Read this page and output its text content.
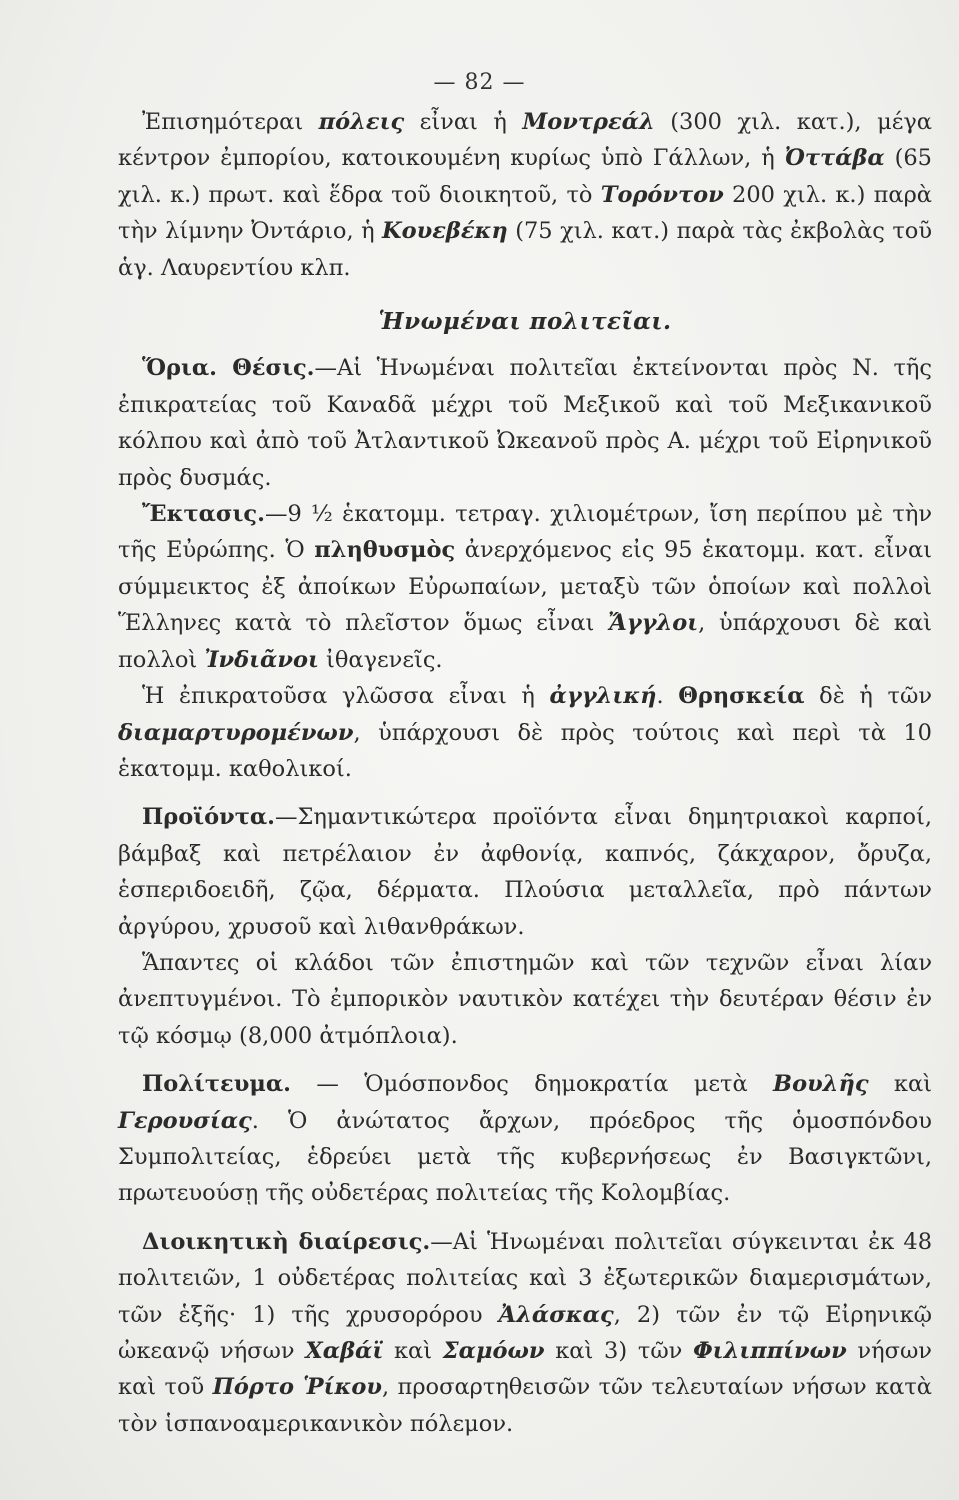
— 82 —

Ἐπισημότεραι πόλεις εἶναι ἡ Μοντρεάλ (300 χιλ. κατ.), μέγα κέντρον ἐμπορίου, κατοικουμένη κυρίως ὑπὸ Γάλλων, ἡ Ὀττάβα (65 χιλ. κ.) πρωτ. καὶ ἕδρα τοῦ διοικητοῦ, τὸ Τορόντον 200 χιλ. κ.) παρὰ τὴν λίμνην Ὀντάριο, ἡ Κουεβέκη (75 χιλ. κατ.) παρὰ τὰς ἐκβολὰς τοῦ ἁγ. Λαυρεντίου κλπ.

Ἡνωμέναι πολιτεῖαι.

Ὅρια. Θέσις.—Αἱ Ἡνωμέναι πολιτεῖαι ἐκτείνονται πρὸς Ν. τῆς ἐπικρατείας τοῦ Καναδᾶ μέχρι τοῦ Μεξικοῦ καὶ τοῦ Μεξικανικοῦ κόλπου καὶ ἀπὸ τοῦ Ἀτλαντικοῦ Ὠκεανοῦ πρὸς Α. μέχρι τοῦ Εἰρηνικοῦ πρὸς δυσμάς.

Ἔκτασις.—9 ½ ἑκατομμ. τετραγ. χιλιομέτρων, ἴση περίπου μὲ τὴν τῆς Εὐρώπης. Ὁ πληθυσμὸς ἀνερχόμενος εἰς 95 ἑκατομμ. κατ. εἶναι σύμμεικτος ἐξ ἀποίκων Εὐρωπαίων, μεταξὺ τῶν ὁποίων καὶ πολλοὶ Ἕλληνες κατὰ τὸ πλεῖστον ὅμως εἶναι Ἄγγλοι, ὑπάρχουσι δὲ καὶ πολλοὶ Ἰνδιᾶνοι ἰθαγενεῖς.

Ἡ ἐπικρατοῦσα γλῶσσα εἶναι ἡ ἀγγλική. Θρησκεία δὲ ἡ τῶν διαμαρτυρομένων, ὑπάρχουσι δὲ πρὸς τούτοις καὶ περὶ τὰ 10 ἑκατομμ. καθολικοί.

Προϊόντα.—Σημαντικώτερα προϊόντα εἶναι δημητριακοὶ καρποί, βάμβαξ καὶ πετρέλαιον ἐν ἀφθονίᾳ, καπνός, ζάκχαρον, ὄρυζα, ἑσπεριδοειδῆ, ζῷα, δέρματα. Πλούσια μεταλλεῖα, πρὸ πάντων ἀργύρου, χρυσοῦ καὶ λιθανθράκων.

Ἅπαντες οἱ κλάδοι τῶν ἐπιστημῶν καὶ τῶν τεχνῶν εἶναι λίαν ἀνεπτυγμένοι. Τὸ ἐμπορικὸν ναυτικὸν κατέχει τὴν δευτέραν θέσιν ἐν τῷ κόσμῳ (8,000 ἀτμόπλοια).

Πολίτευμα. — Ὁμόσπονδος δημοκρατία μετὰ Βουλῆς καὶ Γερουσίας. Ὁ ἀνώτατος ἄρχων, πρόεδρος τῆς ὁμοσπόνδου Συμπολιτείας, ἑδρεύει μετὰ τῆς κυβερνήσεως ἐν Βασιγκτῶνι, πρωτευούσῃ τῆς οὐδετέρας πολιτείας τῆς Κολομβίας.

Διοικητικὴ διαίρεσις.—Αἱ Ἡνωμέναι πολιτεῖαι σύγκεινται ἐκ 48 πολιτειῶν, 1 οὐδετέρας πολιτείας καὶ 3 ἐξωτερικῶν διαμερισμάτων, τῶν ἑξῆς· 1) τῆς χρυσορόρου Ἀλάσκας, 2) τῶν ἐν τῷ Εἰρηνικῷ ὠκεανῷ νήσων Χαβάϊ καὶ Σαμόων καὶ 3) τῶν Φιλιππίνων νήσων καὶ τοῦ Πόρτο Ῥίκου, προσαρτηθεισῶν τῶν τελευταίων νήσων κατὰ τὸν ἱσπανοαμερικανικὸν πόλεμον.
